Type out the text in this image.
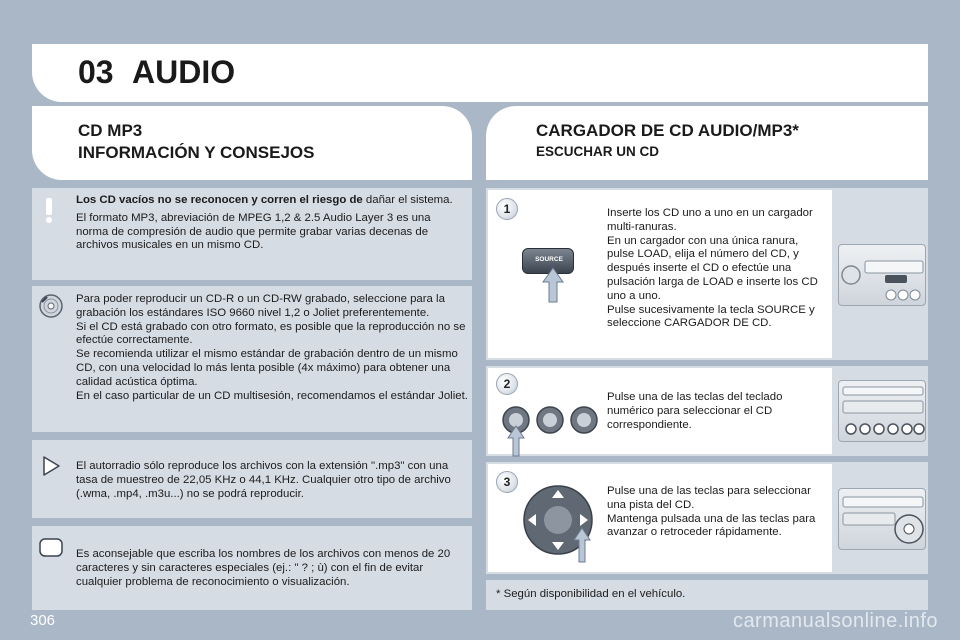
03 AUDIO
CD MP3
INFORMACIÓN Y CONSEJOS
CARGADOR DE CD AUDIO/MP3*
ESCUCHAR UN CD

Los CD vacíos no se reconocen y corren el riesgo de dañar el sistema.

El formato MP3, abreviación de MPEG 1,2 & 2.5 Audio Layer 3 es una norma de compresión de audio que permite grabar varias decenas de archivos musicales en un mismo CD.

Para poder reproducir un CD-R o un CD-RW grabado, seleccione para la grabación los estándares ISO 9660 nivel 1,2 o Joliet preferentemente.
Si el CD está grabado con otro formato, es posible que la reproducción no se efectúe correctamente.
Se recomienda utilizar el mismo estándar de grabación dentro de un mismo CD, con una velocidad lo más lenta posible (4x máximo) para obtener una calidad acústica óptima.
En el caso particular de un CD multisesión, recomendamos el estándar Joliet.
El autorradio sólo reproduce los archivos con la extensión ".mp3" con una tasa de muestreo de 22,05 KHz o 44,1 KHz. Cualquier otro tipo de archivo (.wma, .mp4, .m3u...) no se podrá reproducir.
Es aconsejable que escriba los nombres de los archivos con menos de 20 caracteres y sin caracteres especiales (ej.: " ? ; ù) con el fin de evitar cualquier problema de reconocimiento o visualización.
1
SOURCE
Inserte los CD uno a uno en un cargador multi-ranuras.
En un cargador con una única ranura, pulse LOAD, elija el número del CD, y después inserte el CD o efectúe una pulsación larga de LOAD e inserte los CD uno a uno.
Pulse sucesivamente la tecla SOURCE y seleccione CARGADOR DE CD.
2
Pulse una de las teclas del teclado numérico para seleccionar el CD correspondiente.
3
Pulse una de las teclas para seleccionar una pista del CD.
Mantenga pulsada una de las teclas para avanzar o retroceder rápidamente.
* Según disponibilidad en el vehículo.
306	carmanualsonline.info
